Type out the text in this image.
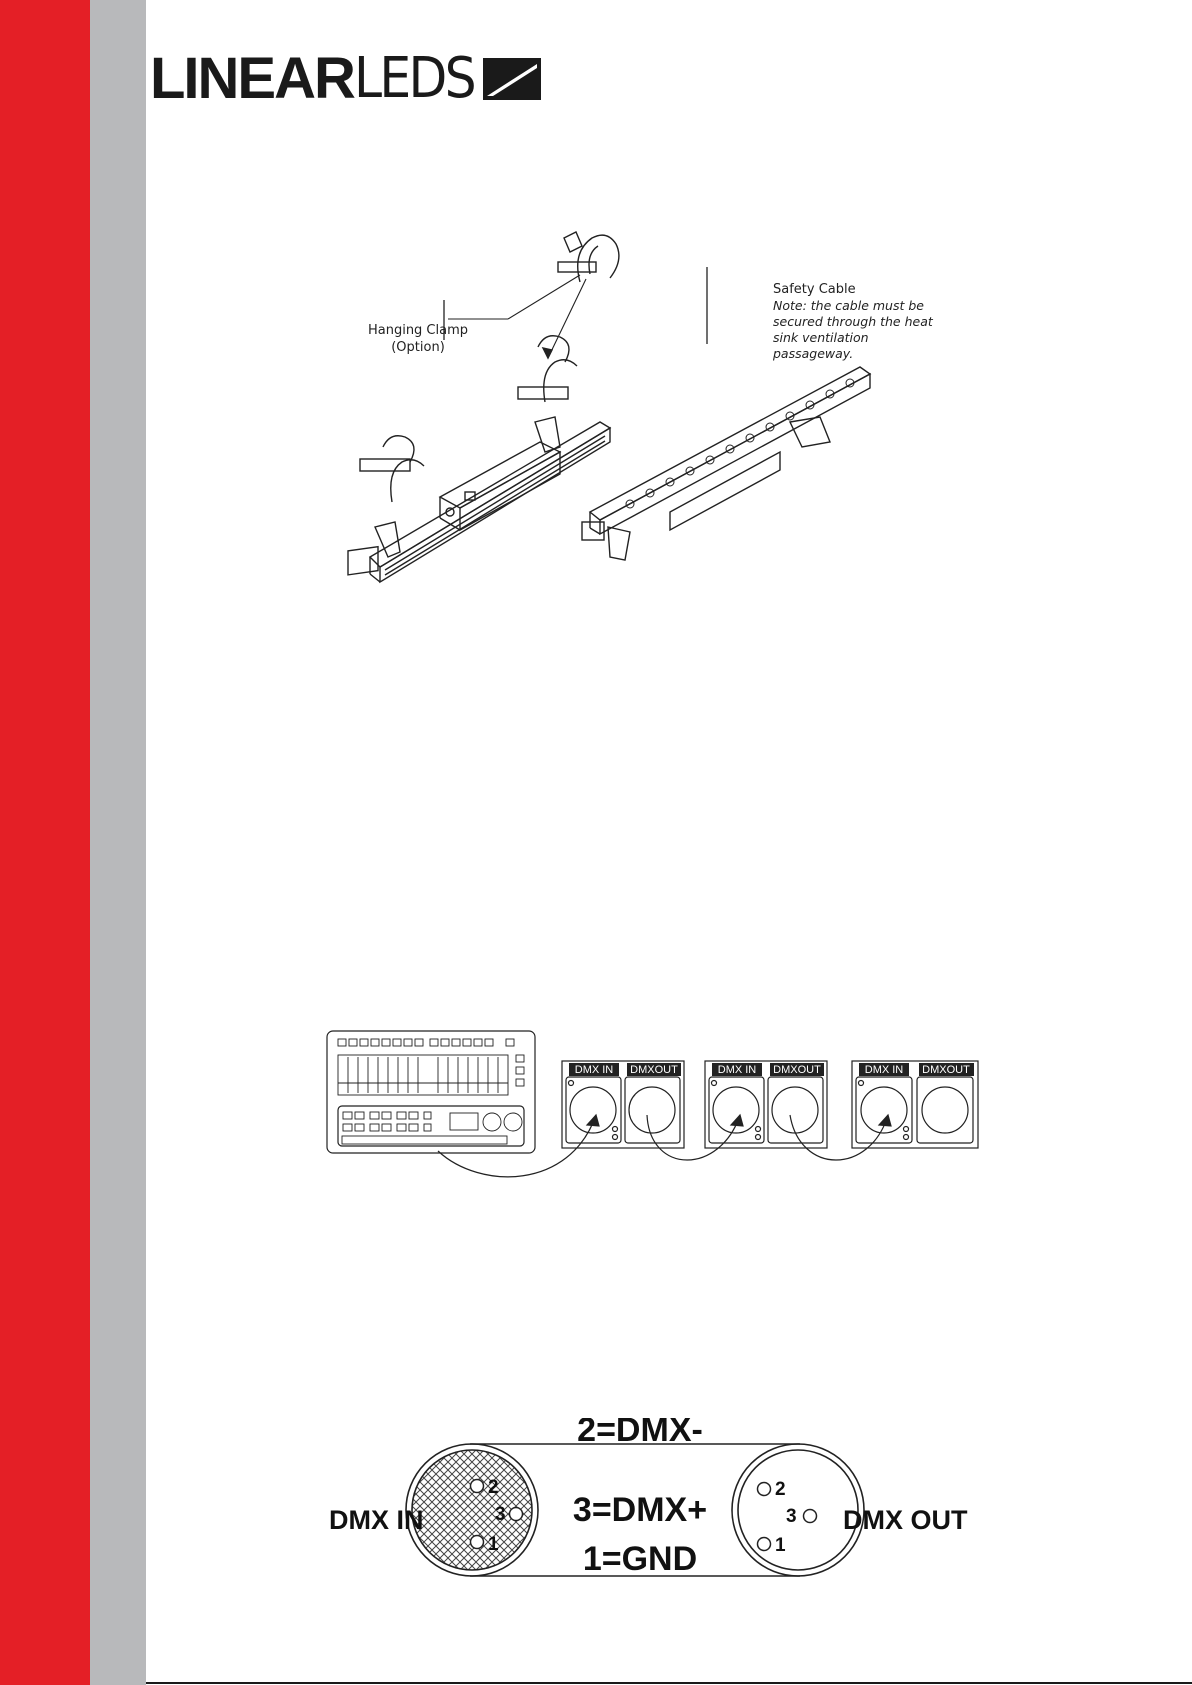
LINEAR LEDS
Hanging Clamp
(Option)
Safety Cable
Note: the cable must be
secured through the heat
sink ventilation
passageway.
DMX IN DMXOUT	DMX IN DMXOUT	DMX IN DMXOUT
2
3
1
2
3
1
2=DMX-
3=DMX+
1=GND
DMX IN	DMX OUT
